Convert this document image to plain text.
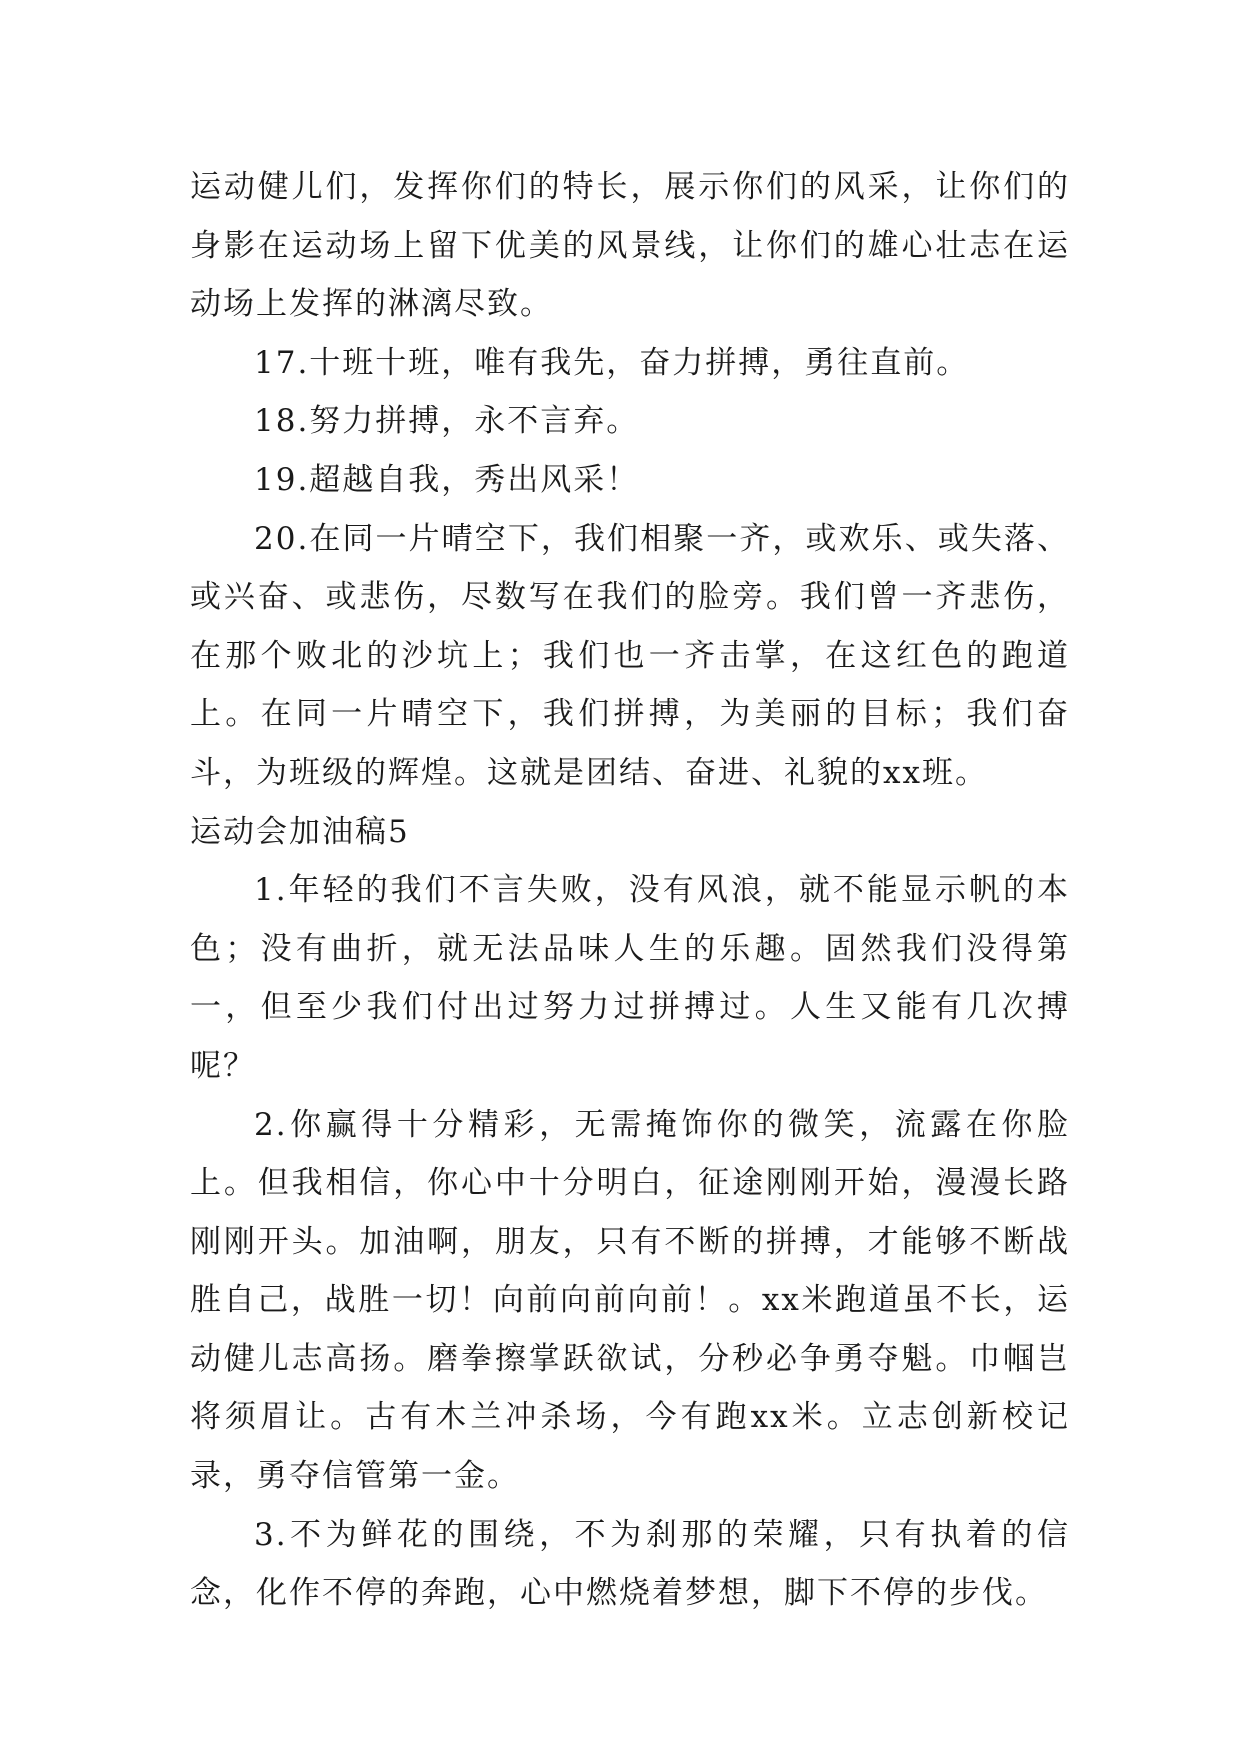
运动健儿们，发挥你们的特长，展示你们的风采，让你们的身影在运动场上留下优美的风景线，让你们的雄心壮志在运动场上发挥的淋漓尽致。

17.十班十班，唯有我先，奋力拼搏，勇往直前。

18.努力拼搏，永不言弃。

19.超越自我，秀出风采！

20.在同一片晴空下，我们相聚一齐，或欢乐、或失落、或兴奋、或悲伤，尽数写在我们的脸旁。我们曾一齐悲伤，在那个败北的沙坑上；我们也一齐击掌，在这红色的跑道上。在同一片晴空下，我们拼搏，为美丽的目标；我们奋斗，为班级的辉煌。这就是团结、奋进、礼貌的xx班。

运动会加油稿5

1.年轻的我们不言失败，没有风浪，就不能显示帆的本色；没有曲折，就无法品味人生的乐趣。固然我们没得第一，但至少我们付出过努力过拼搏过。人生又能有几次搏呢？

2.你赢得十分精彩，无需掩饰你的微笑，流露在你脸上。但我相信，你心中十分明白，征途刚刚开始，漫漫长路刚刚开头。加油啊，朋友，只有不断的拼搏，才能够不断战胜自己，战胜一切！向前向前向前！。xx米跑道虽不长，运动健儿志高扬。磨拳擦掌跃欲试，分秒必争勇夺魁。巾帼岂将须眉让。古有木兰冲杀场，今有跑xx米。立志创新校记录，勇夺信管第一金。

3.不为鲜花的围绕，不为刹那的荣耀，只有执着的信念，化作不停的奔跑，心中燃烧着梦想，脚下不停的步伐。
